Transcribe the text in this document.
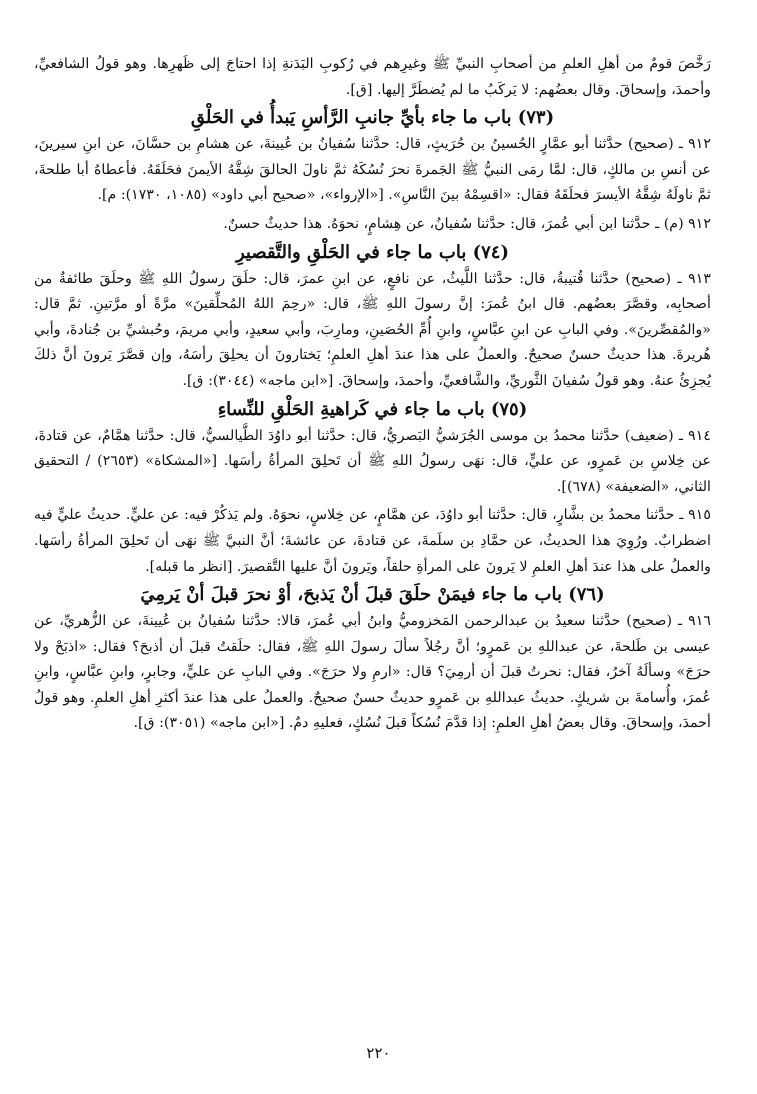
رَخَّصَ قومٌ من أهلِ العلمِ من أصحابِ النبيِّ ﷺ وغيرِهم في رُكوبِ البَدَنةِ إذا احتاجَ إلى ظَهرِها. وهو قولُ الشافعيِّ، وأحمدَ، وإسحاقَ. وقال بعضُهم: لا يَركَبُ ما لم يُضطَرَّ إليها. [ق].

(٧٣) باب ما جاء بأيِّ جانبِ الرَّأسِ يَبدأُ في الحَلْقِ

٩١٢ ـ (صحيح) حدَّثنا أبو عمَّارٍ الحُسينُ بن حُرَيثٍ، قال: حدَّثنا سُفيانُ بن عُيينةَ، عن هشامِ بن حسَّانَ، عن ابنِ سيرينَ، عن أنسِ بن مالكٍ، قال: لمَّا رمَى النبيُّ ﷺ الجَمرةَ نحرَ نُسُكَهُ ثمَّ ناولَ الحالقَ شِقَّهُ الأيمنَ فحَلَقَهُ. فأعطاهُ أبا طلحةَ، ثمَّ ناولَهُ شِقَّهُ الأيسرَ فحلَقَهُ فقال: «اقسِمْهُ بينَ النَّاسِ». [«الإرواء»، «صحيح أبي داود» (١٠٨٥، ١٧٣٠): م].

٩١٢ (م) ـ حدَّثنا ابن أبي عُمرَ، قال: حدَّثنا سُفيانُ، عن هِشامٍ، نحوَهُ. هذا حديثٌ حسنٌ.

(٧٤) باب ما جاء في الحَلْقِ والتَّقصيرِ

٩١٣ ـ (صحيح) حدَّثنا قُتيبةُ، قال: حدَّثنا اللَّيثُ، عن نافعٍ، عن ابنِ عمرَ، قال: حلَقَ رسولُ اللهِ ﷺ وحلَقَ طائفةٌ من أصحابِه، وقصَّرَ بعضُهم. قال ابنُ عُمرَ: إنَّ رسولَ اللهِ ﷺ، قال: «رحِمَ اللهُ المُحلِّقينَ» مرَّةً أو مرَّتينِ. ثمَّ قال: «والمُقصِّرينَ». وفي البابِ عن ابنِ عبَّاسٍ، وابنِ أُمِّ الحُصَينِ، ومارِبَ، وأبي سعيدٍ، وأبي مريمَ، وحُبشيِّ بن جُنادةَ، وأبي هُريرةَ. هذا حديثٌ حسنٌ صحيحٌ. والعملُ على هذا عندَ أهلِ العلمِ؛ يَختارونَ أن يحلِقَ رأسَهُ، وإن قصَّرَ يَرونَ أنَّ ذلكَ يُجزِئُ عنهُ. وهو قولُ سُفيانَ الثَّوريِّ، والشَّافعيِّ، وأحمدَ، وإسحاقَ. [«ابن ماجه» (٣٠٤٤): ق].

(٧٥) باب ما جاء في كَراهيةِ الحَلْقِ للنِّساءِ

٩١٤ ـ (ضعيف) حدَّثنا محمدُ بن موسى الجُرَشيُّ البَصريُّ، قال: حدَّثنا أبو داوُدَ الطَّيالسيُّ، قال: حدَّثنا همَّامٌ، عن قتادةَ، عن خِلاسِ بن عَمرٍو، عن عليٍّ، قال: نهَى رسولُ اللهِ ﷺ أن تَحلِقَ المرأةُ رأسَها. [«المشكاة» (٢٦٥٣) / التحقيق الثاني، «الضعيفة» (٦٧٨)].

٩١٥ ـ حدَّثنا محمدُ بن بشَّارٍ، قال: حدَّثنا أبو داوُدَ، عن همَّامٍ، عن خِلاسٍ، نحوَهُ. ولم يَذكُرْ فيه: عن عليٍّ. حديثُ عليٍّ فيه اضطرابٌ. ورُوِيَ هذا الحديثُ، عن حمَّادِ بن سلَمةَ، عن قتادةَ، عن عائشةَ؛ أنَّ النبيَّ ﷺ نهَى أن تَحلِقَ المرأةُ رأسَها. والعملُ على هذا عندَ أهلِ العلمِ لا يَرونَ على المرأةِ حلقاً، ويَرونَ أنَّ عليها التَّقصيرَ. [انظر ما قبله].

(٧٦) باب ما جاء فيمَنْ حلَقَ قبلَ أنْ يَذبحَ، أوْ نحرَ قبلَ أنْ يَرمِيَ

٩١٦ ـ (صحيح) حدَّثنا سعيدُ بن عبدالرحمن المَخزوميُّ وابنُ أبي عُمرَ، قالا: حدَّثنا سُفيانُ بن عُيينةَ، عن الزُّهريِّ، عن عيسى بن طَلحةَ، عن عبداللهِ بن عَمرٍو؛ أنَّ رجُلاً سألَ رسولَ اللهِ ﷺ، فقال: حلَقتُ قبلَ أن أذبحَ؟ فقال: «اذبَحْ ولا حرَجَ» وسألَهُ آخرُ، فقال: نحرتُ قبلَ أن أرمِيَ؟ قال: «ارمِ ولا حرَجَ». وفي البابِ عن عليٍّ، وجابرٍ، وابنِ عبَّاسٍ، وابنِ عُمرَ، وأُسامةَ بن شريكٍ. حديثُ عبداللهِ بن عَمرٍو حديثٌ حسنٌ صحيحٌ. والعملُ على هذا عندَ أكثرِ أهلِ العلمِ. وهو قولُ أحمدَ، وإسحاقَ. وقال بعضُ أهلِ العلمِ: إذا قدَّمَ نُسُكاً قبلَ نُسُكٍ، فعليهِ دمٌ. [«ابن ماجه» (٣٠٥١): ق].

٢٢٠
